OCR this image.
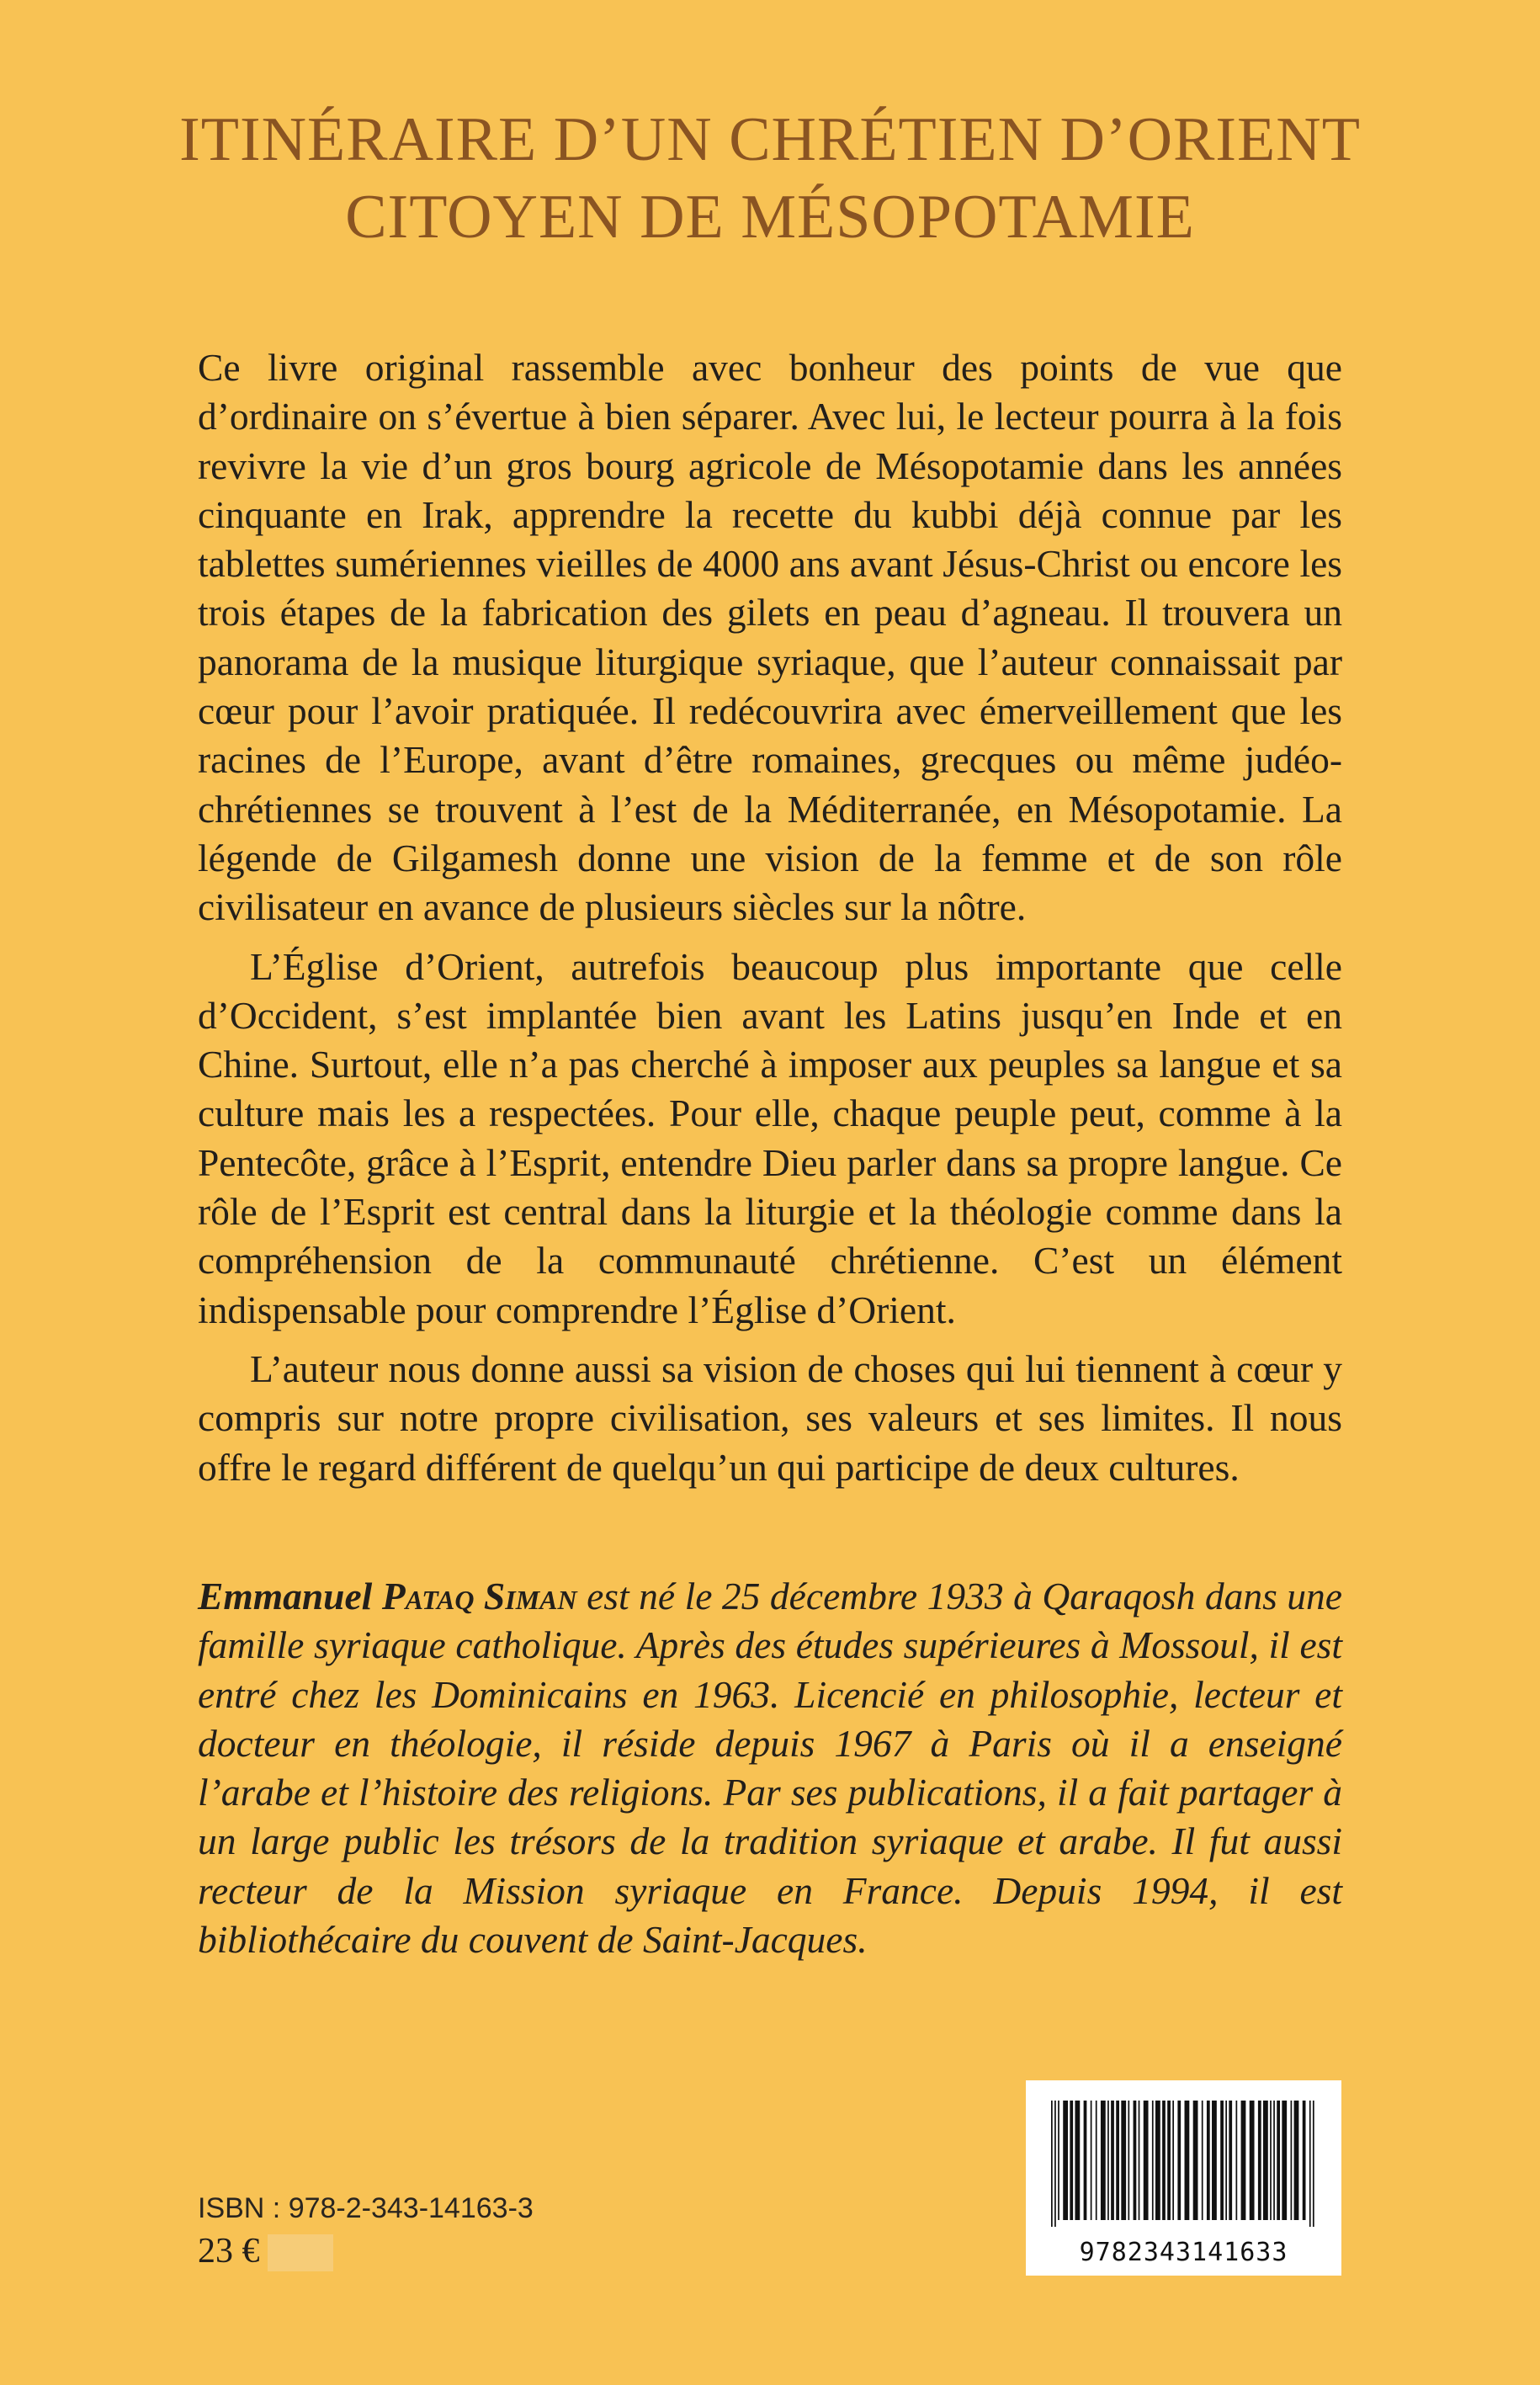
ITINÉRAIRE D’UN CHRÉTIEN D’ORIENT
CITOYEN DE MÉSOPOTAMIE

Ce livre original rassemble avec bonheur des points de vue que d’ordinaire on s’évertue à bien séparer. Avec lui, le lecteur pourra à la fois revivre la vie d’un gros bourg agricole de Mésopotamie dans les années cinquante en Irak, apprendre la recette du kubbi déjà connue par les tablettes sumériennes vieilles de 4000 ans avant Jésus-Christ ou encore les trois étapes de la fabrication des gilets en peau d’agneau. Il trouvera un panorama de la musique liturgique syriaque, que l’auteur connaissait par cœur pour l’avoir pratiquée. Il redécouvrira avec émerveillement que les racines de l’Europe, avant d’être romaines, grecques ou même judéo-chrétiennes se trouvent à l’est de la Méditerranée, en Mésopotamie. La légende de Gilgamesh donne une vision de la femme et de son rôle civilisateur en avance de plusieurs siècles sur la nôtre.

L’Église d’Orient, autrefois beaucoup plus importante que celle d’Occident, s’est implantée bien avant les Latins jusqu’en Inde et en Chine. Surtout, elle n’a pas cherché à imposer aux peuples sa langue et sa culture mais les a respectées. Pour elle, chaque peuple peut, comme à la Pentecôte, grâce à l’Esprit, entendre Dieu parler dans sa propre langue. Ce rôle de l’Esprit est central dans la liturgie et la théologie comme dans la compréhension de la communauté chrétienne. C’est un élément indispensable pour comprendre l’Église d’Orient.

L’auteur nous donne aussi sa vision de choses qui lui tiennent à cœur y compris sur notre propre civilisation, ses valeurs et ses limites. Il nous offre le regard différent de quelqu’un qui participe de deux cultures.

Emmanuel Pataq Siman est né le 25 décembre 1933 à Qaraqosh dans une famille syriaque catholique. Après des études supérieures à Mossoul, il est entré chez les Dominicains en 1963. Licencié en philosophie, lecteur et docteur en théologie, il réside depuis 1967 à Paris où il a enseigné l’arabe et l’histoire des religions. Par ses publications, il a fait partager à un large public les trésors de la tradition syriaque et arabe. Il fut aussi recteur de la Mission syriaque en France. Depuis 1994, il est bibliothécaire du couvent de Saint-Jacques.
9782343141633
ISBN : 978-2-343-14163-3
23 €
